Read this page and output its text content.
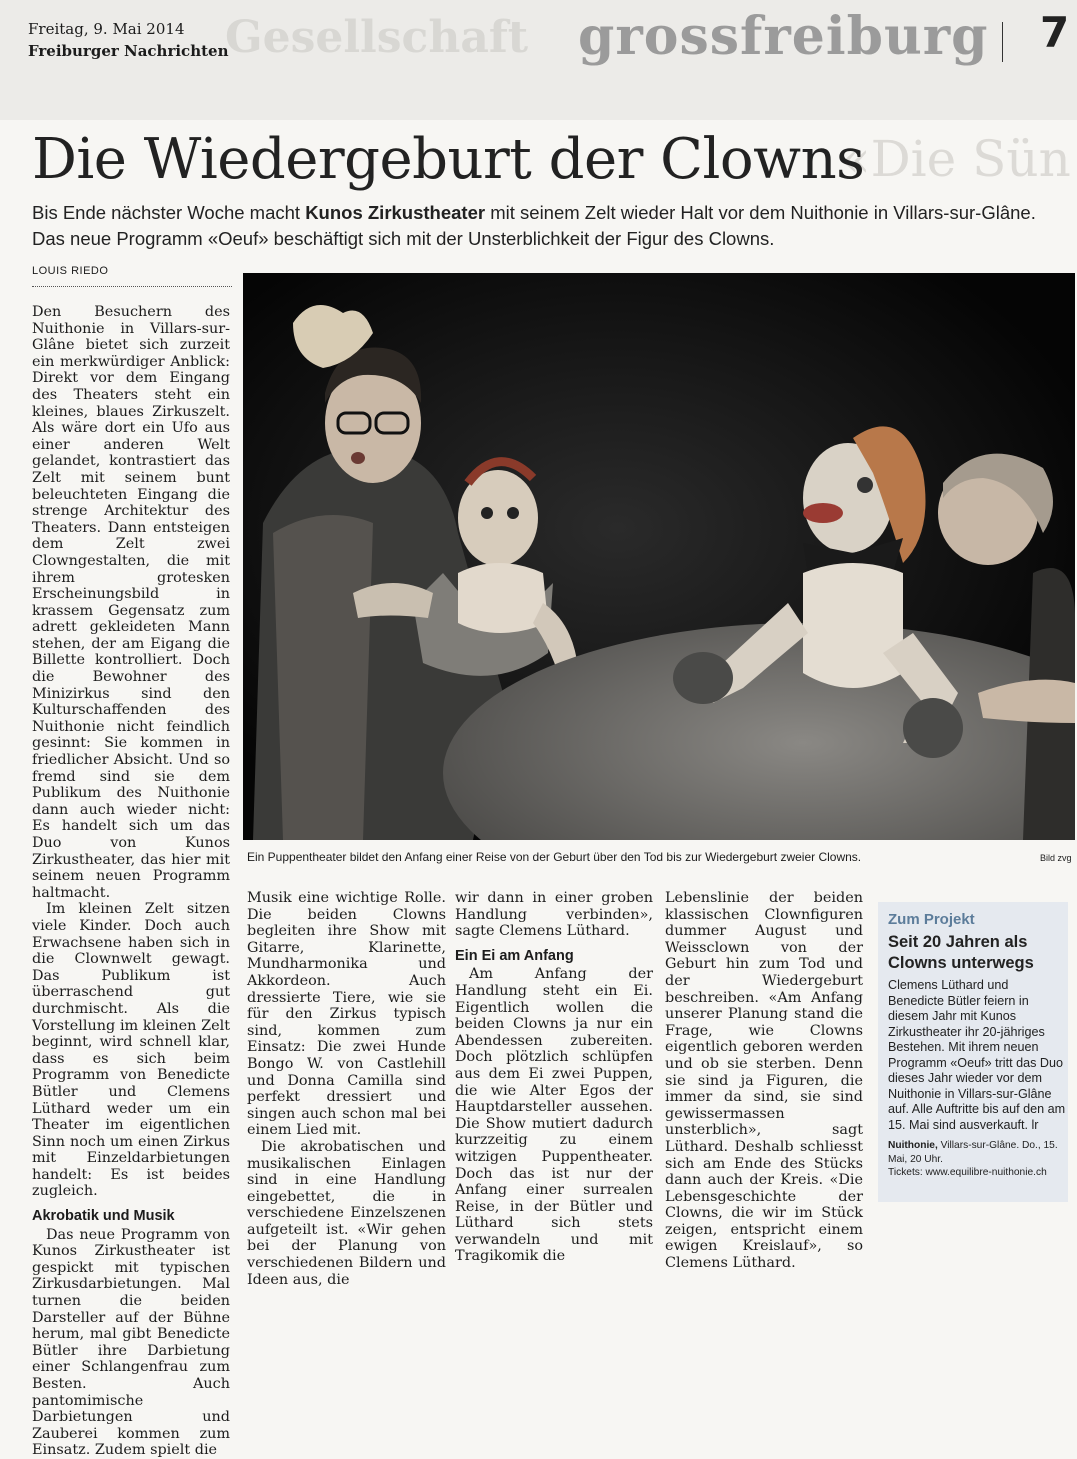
Gesellschaft
Freitag, 9. Mai 2014
Freiburger Nachrichten	grossfreiburg 7
«Die Sün
Die Wiedergeburt der Clowns
Bis Ende nächster Woche macht Kunos Zirkustheater mit seinem Zelt wieder Halt vor dem Nuithonie in Villars-sur-Glâne. Das neue Programm «Oeuf» beschäftigt sich mit der Unsterblichkeit der Figur des Clowns.
LOUIS RIEDO

Den Besuchern des Nuithonie in Villars-sur-Glâne bietet sich zurzeit ein merkwürdiger Anblick: Direkt vor dem Eingang des Theaters steht ein kleines, blaues Zirkuszelt. Als wäre dort ein Ufo aus einer anderen Welt gelandet, kontrastiert das Zelt mit seinem bunt beleuchteten Eingang die strenge Architektur des Theaters. Dann entsteigen dem Zelt zwei Clowngestalten, die mit ihrem grotesken Erscheinungsbild in krassem Gegensatz zum adrett gekleideten Mann stehen, der am Eigang die Billette kontrolliert. Doch die Bewohner des Minizirkus sind den Kulturschaffenden des Nuithonie nicht feindlich gesinnt: Sie kommen in friedlicher Absicht. Und so fremd sind sie dem Publikum des Nuithonie dann auch wieder nicht: Es handelt sich um das Duo von Kunos Zirkustheater, das hier mit seinem neuen Programm haltmacht.

Im kleinen Zelt sitzen viele Kinder. Doch auch Erwachsene haben sich in die Clownwelt gewagt. Das Publikum ist überraschend gut durchmischt. Als die Vorstellung im kleinen Zelt beginnt, wird schnell klar, dass es sich beim Programm von Benedicte Bütler und Clemens Lüthard weder um ein Theater im eigentlichen Sinn noch um einen Zirkus mit Einzeldarbietungen handelt: Es ist beides zugleich.

Akrobatik und Musik

Das neue Programm von Kunos Zirkustheater ist gespickt mit typischen Zirkusdarbietungen. Mal turnen die beiden Darsteller auf der Bühne herum, mal gibt Benedicte Bütler ihre Darbietung einer Schlangenfrau zum Besten. Auch pantomimische Darbietungen und Zauberei kommen zum Einsatz. Zudem spielt die

Ein Puppentheater bildet den Anfang einer Reise von der Geburt über den Tod bis zur Wiedergeburt zweier Clowns.	Bild zvg

Musik eine wichtige Rolle. Die beiden Clowns begleiten ihre Show mit Gitarre, Klarinette, Mundharmonika und Akkordeon. Auch dressierte Tiere, wie sie für den Zirkus typisch sind, kommen zum Einsatz: Die zwei Hunde Bongo W. von Castlehill und Donna Camilla sind perfekt dressiert und singen auch schon mal bei einem Lied mit.

Die akrobatischen und musikalischen Einlagen sind in eine Handlung eingebettet, die in verschiedene Einzelszenen aufgeteilt ist. «Wir gehen bei der Planung von verschiedenen Bildern und Ideen aus, die

wir dann in einer groben Handlung verbinden», sagte Clemens Lüthard.

Ein Ei am Anfang

Am Anfang der Handlung steht ein Ei. Eigentlich wollen die beiden Clowns ja nur ein Abendessen zubereiten. Doch plötzlich schlüpfen aus dem Ei zwei Puppen, die wie Alter Egos der Hauptdarsteller aussehen. Die Show mutiert dadurch kurzzeitig zu einem witzigen Puppentheater. Doch das ist nur der Anfang einer surrealen Reise, in der Bütler und Lüthard sich stets verwandeln und mit Tragikomik die

Lebenslinie der beiden klassischen Clownfiguren dummer August und Weissclown von der Geburt hin zum Tod und der Wiedergeburt beschreiben. «Am Anfang unserer Planung stand die Frage, wie Clowns eigentlich geboren werden und ob sie sterben. Denn sie sind ja Figuren, die immer da sind, sie sind gewissermassen unsterblich», sagt Lüthard. Deshalb schliesst sich am Ende des Stücks dann auch der Kreis. «Die Lebensgeschichte der Clowns, die wir im Stück zeigen, entspricht einem ewigen Kreislauf», so Clemens Lüthard.

Zum Projekt
Seit 20 Jahren als Clowns unterwegs
Clemens Lüthard und Benedicte Bütler feiern in diesem Jahr mit Kunos Zirkustheater ihr 20-jähriges Bestehen. Mit ihrem neuen Programm «Oeuf» tritt das Duo dieses Jahr wieder vor dem Nuithonie in Villars-sur-Glâne auf. Alle Auftritte bis auf den am 15. Mai sind ausverkauft. lr
Nuithonie, Villars-sur-Glâne. Do., 15. Mai, 20 Uhr.
Tickets: www.equilibre-nuithonie.ch
